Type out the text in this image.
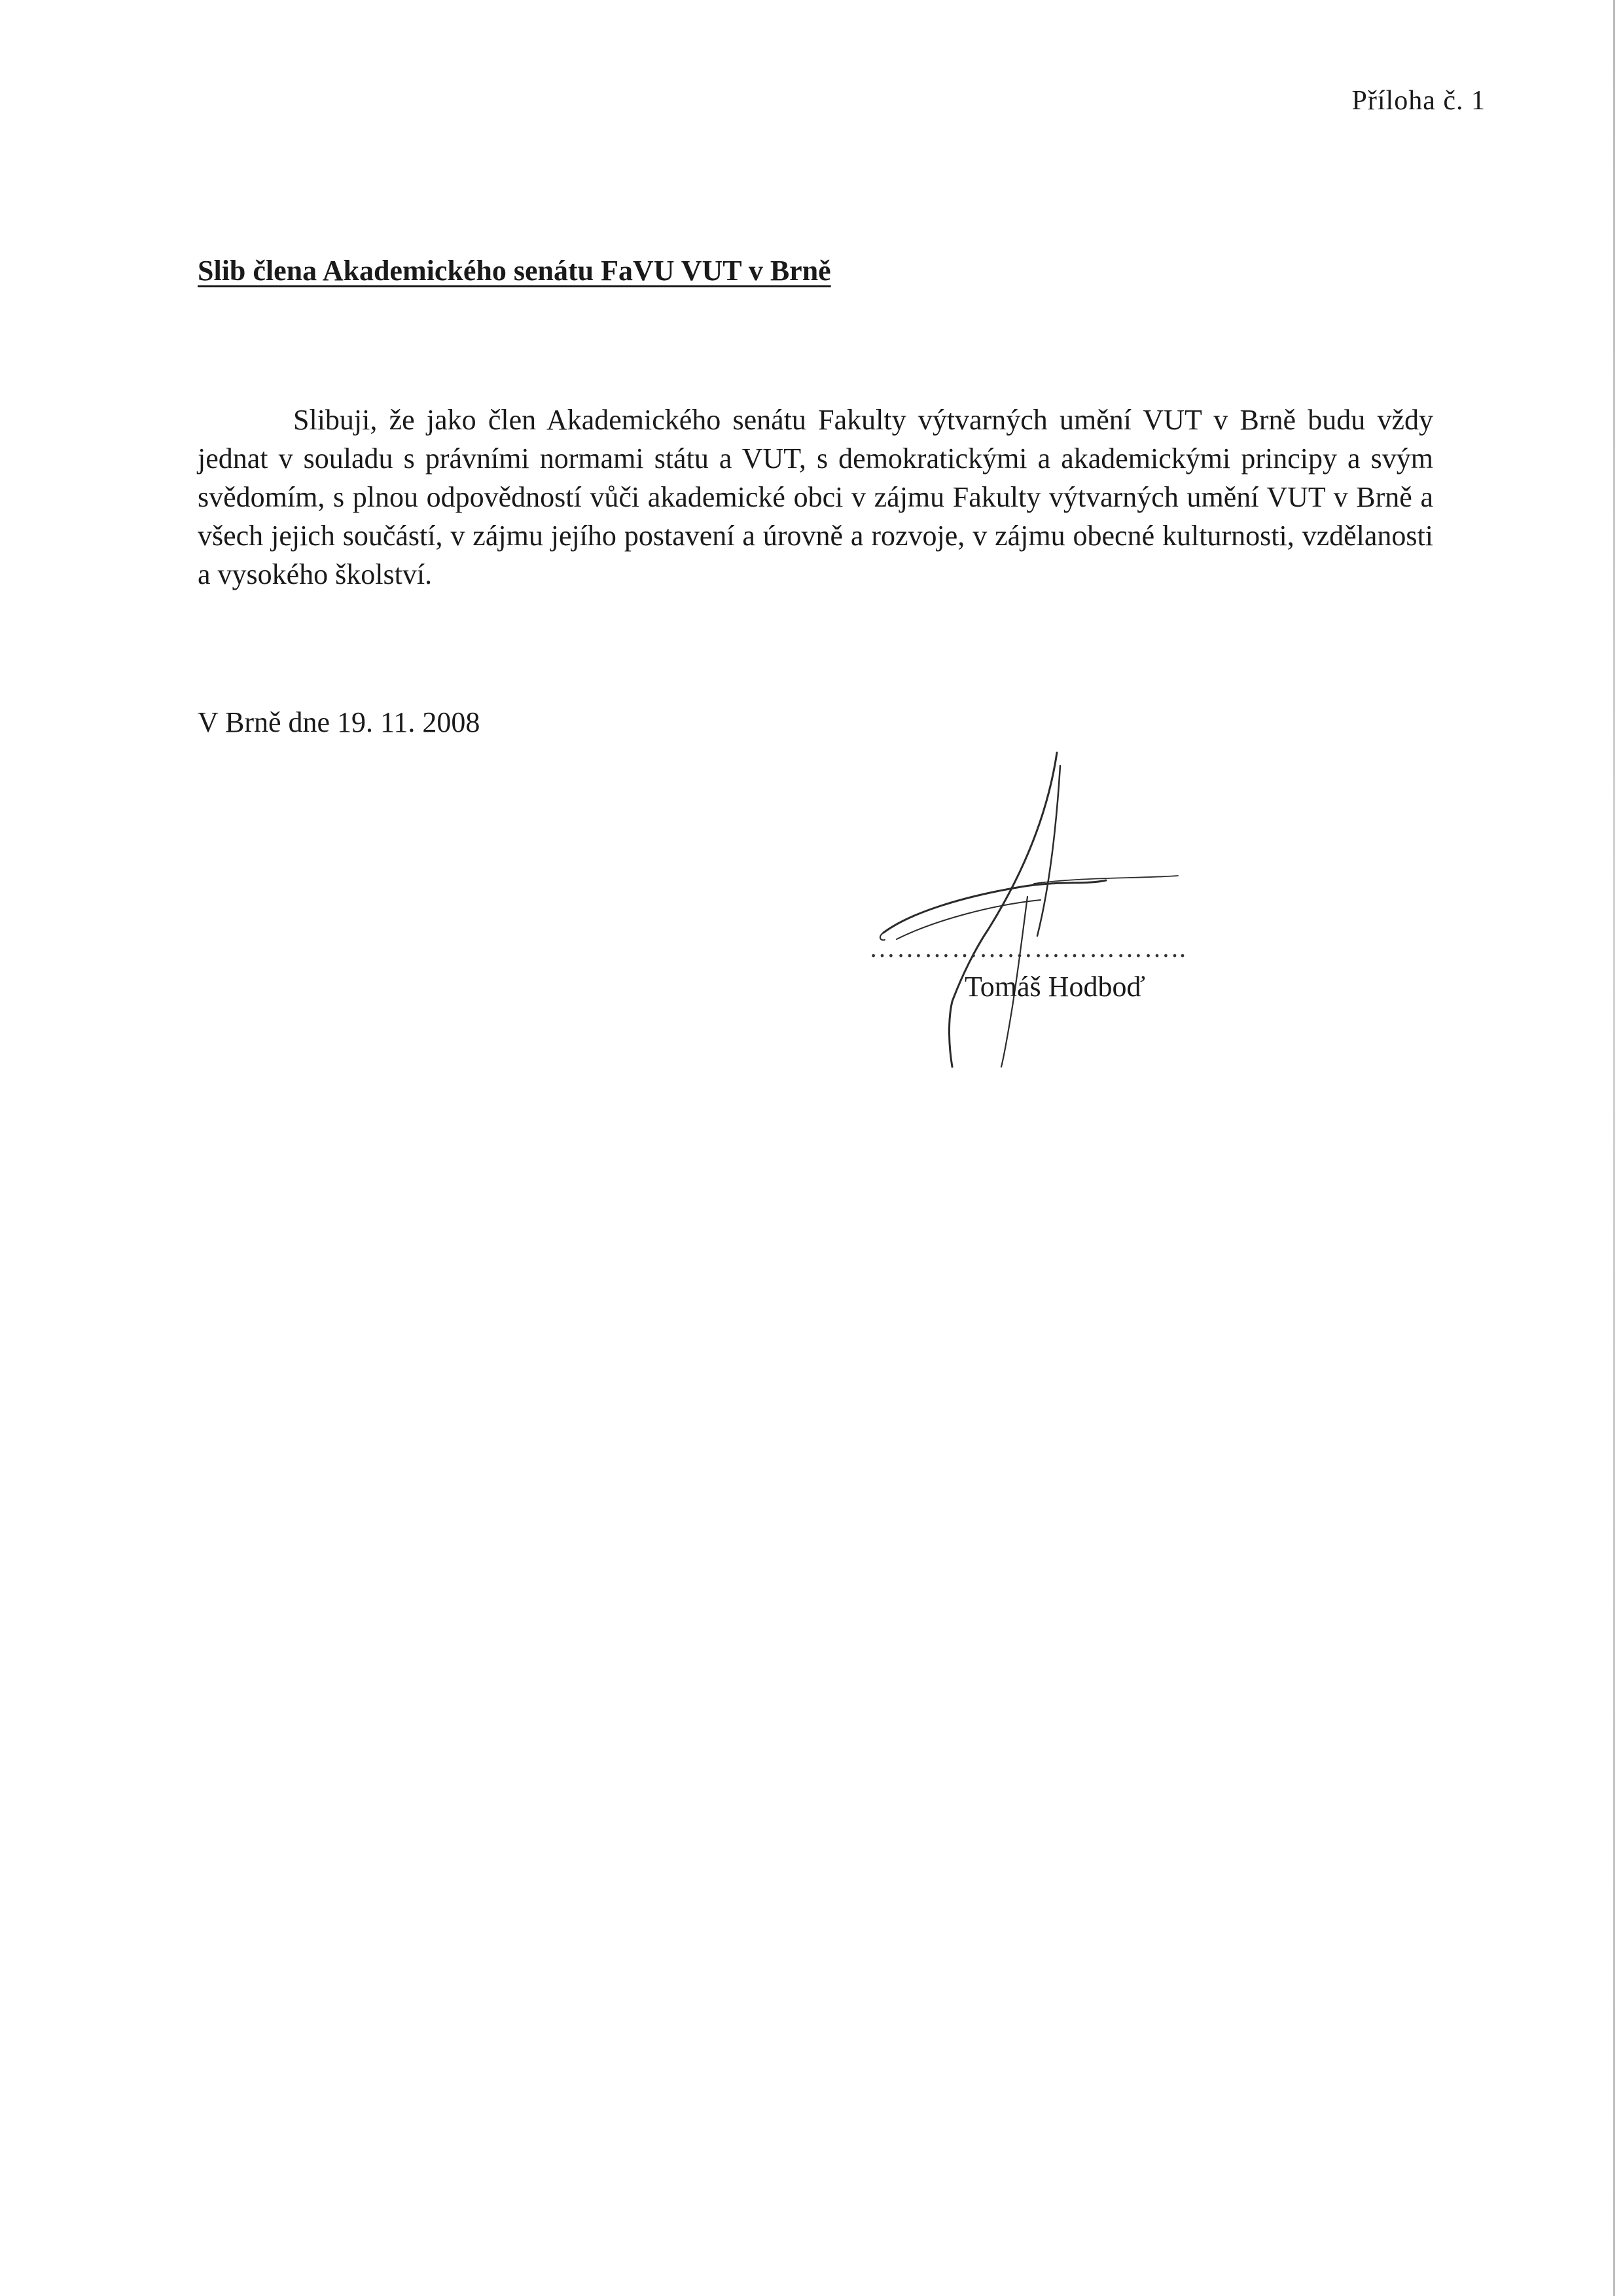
Příloha č. 1
Slib člena Akademického senátu FaVU VUT v Brně

Slibuji, že jako člen Akademického senátu Fakulty výtvarných umění VUT v Brně budu vždy jednat v souladu s právními normami státu a VUT, s demokratickými a akademickými principy a svým svědomím, s plnou odpovědností vůči akademické obci v zájmu Fakulty výtvarných umění VUT v Brně a všech jejich součástí, v zájmu jejího postavení a úrovně a rozvoje, v zájmu obecné kulturnosti, vzdělanosti a vysokého školství.

V Brně dne 19. 11. 2008
……………………………..
Tomáš Hodboď
